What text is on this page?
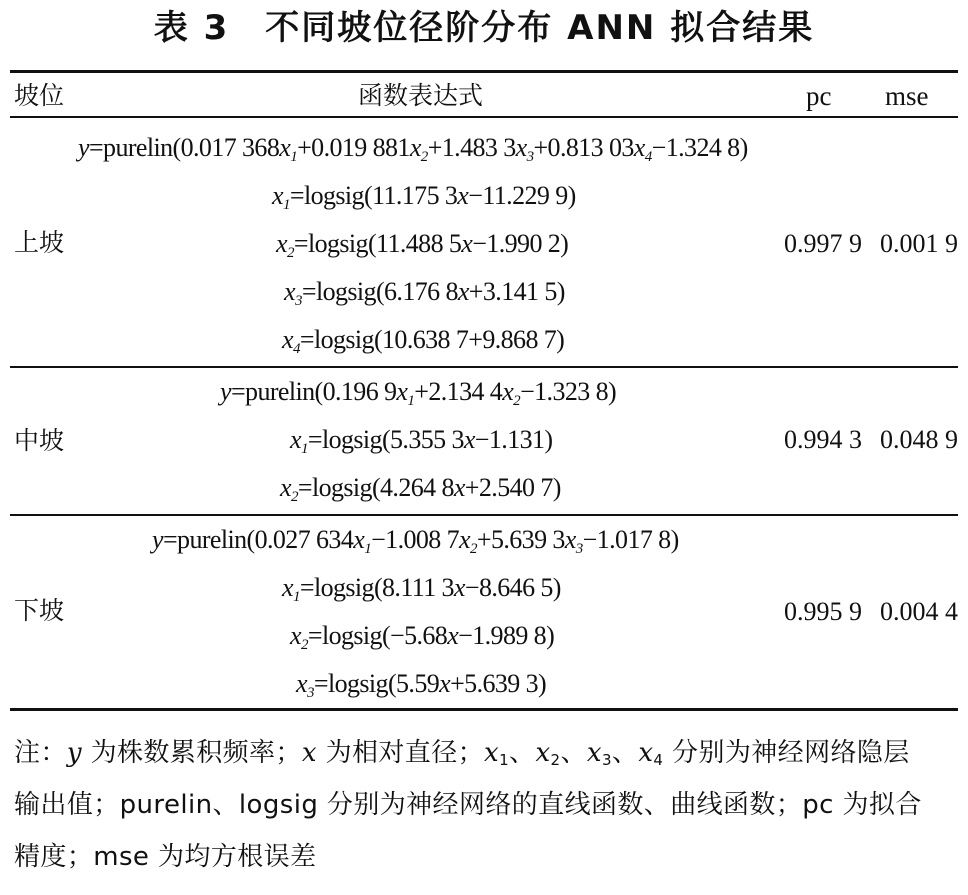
表 3　不同坡位径阶分布 ANN 拟合结果
坡位	函数表达式	pc mse
上坡
y=purelin(0.017 $368x_1+0.019$ $881x_2+1.483$ $3x_3+0.813$ $03x_4-1.324$ 8)
$x_1=logsig(11.175$ 3x−11.229 9)
$x_2=logsig(11.488$ 5x−1.990 2)
$x_3=logsig(6.176$ 8x+3.141 5)
$x_4=logsig(10.638$ 7+9.868 7)
0.997 9 0.001 9
中坡
y=purelin(0.196 $9x_1+2.134$ $4x_2-1.323$ 8)
$x_1=logsig(5.355$ 3x−1.131)
$x_2=logsig(4.264$ 8x+2.540 7)
0.994 3 0.048 9
下坡
y=purelin(0.027 $634x_1-1.008$ $7x_2+5.639$ $3x_3-1.017$ 8)
$x_1=logsig(8.111$ 3x−8.646 5)
$x_2=logsig(-5.68x-1.989$ 8)
$x_3=logsig(5.59x+5.639$ 3)
0.995 9 0.004 4
注：y 为株数累积频率；x 为相对直径；$x_1$、$x_2$、$x_3$、$x_4$ 分别为神经网络隐层
输出值；purelin、logsig 分别为神经网络的直线函数、曲线函数；pc 为拟合
精度；mse 为均方根误差
